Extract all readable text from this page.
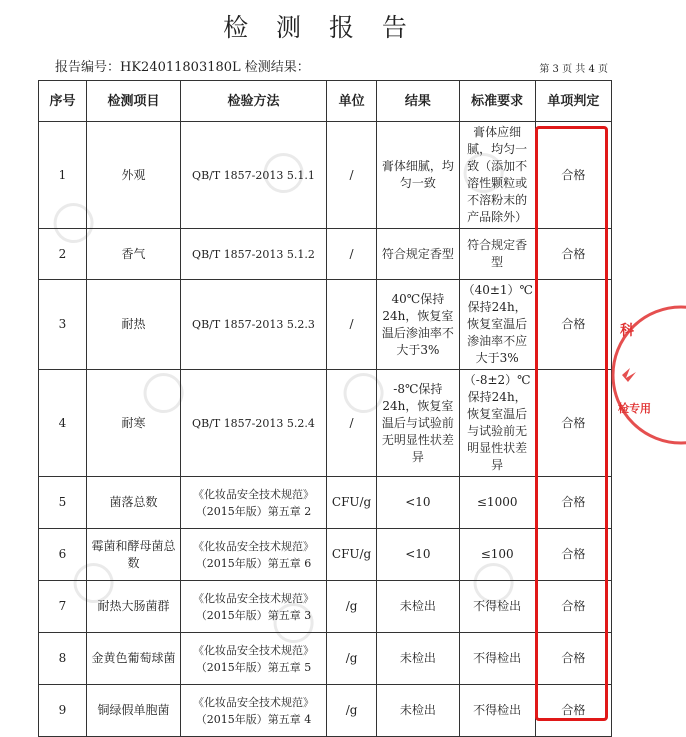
检 测 报 告
报告编号：HK24011803180L 检测结果：	第 3 页 共 4 页
序号	检测项目	检验方法	单位	结果	标准要求	单项判定
1	外观	QB/T 1857-2013 5.1.1	/	膏体细腻，均匀一致	膏体应细腻，均匀一致（添加不溶性颗粒或不溶粉末的产品除外）	合格
2	香气	QB/T 1857-2013 5.1.2	/	符合规定香型	符合规定香型	合格
3	耐热	QB/T 1857-2013 5.2.3	/	40℃保持24h，恢复室温后渗油率不大于3%	（40±1）℃保持24h，恢复室温后渗油率不应大于3%	合格
4	耐寒	QB/T 1857-2013 5.2.4	/	-8℃保持24h，恢复室温后与试验前无明显性状差异	（-8±2）℃保持24h，恢复室温后与试验前无明显性状差异	合格
5	菌落总数	《化妆品安全技术规范》（2015年版）第五章 2	CFU/g	<10	≤1000	合格
6	霉菌和酵母菌总数	《化妆品安全技术规范》（2015年版）第五章 6	CFU/g	<10	≤100	合格
7	耐热大肠菌群	《化妆品安全技术规范》（2015年版）第五章 3	/g	未检出	不得检出	合格
8	金黄色葡萄球菌	《化妆品安全技术规范》（2015年版）第五章 5	/g	未检出	不得检出	合格
9	铜绿假单胞菌	《化妆品安全技术规范》（2015年版）第五章 4	/g	未检出	不得检出	合格
科
检专用
